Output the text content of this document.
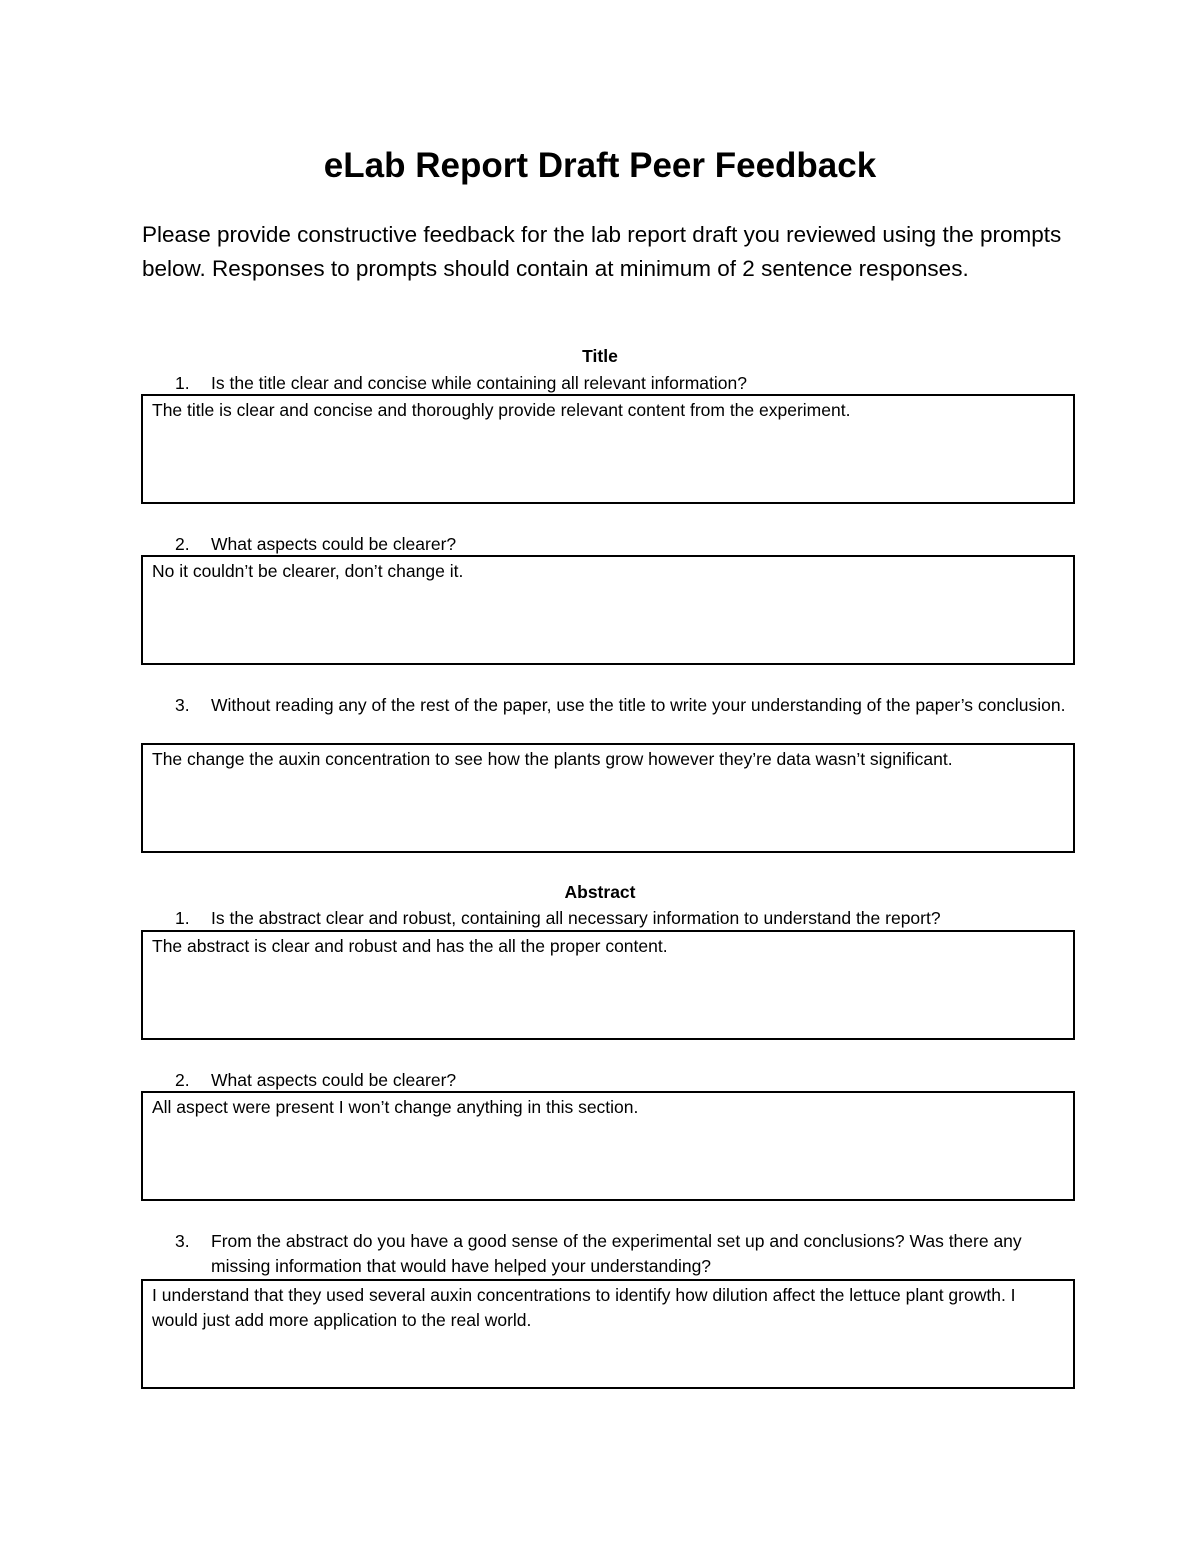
eLab Report Draft Peer Feedback

Please provide constructive feedback for the lab report draft you reviewed using the prompts below. Responses to prompts should contain at minimum of 2 sentence responses.

Title
1.	Is the title clear and concise while containing all relevant information?
The title is clear and concise and thoroughly provide relevant content from the experiment.
2.	What aspects could be clearer?
No it couldn’t be clearer, don’t change it.
3.	Without reading any of the rest of the paper, use the title to write your understanding of the paper’s conclusion.
The change the auxin concentration to see how the plants grow however they’re data wasn’t significant.
Abstract
1.	Is the abstract clear and robust, containing all necessary information to understand the report?
The abstract is clear and robust and has the all the proper content.
2.	What aspects could be clearer?
All aspect were present I won’t change anything in this section.
3.	From the abstract do you have a good sense of the experimental set up and conclusions? Was there any missing information that would have helped your understanding?
I understand that they used several auxin concentrations to identify how dilution affect the lettuce plant growth. I would just add more application to the real world.
